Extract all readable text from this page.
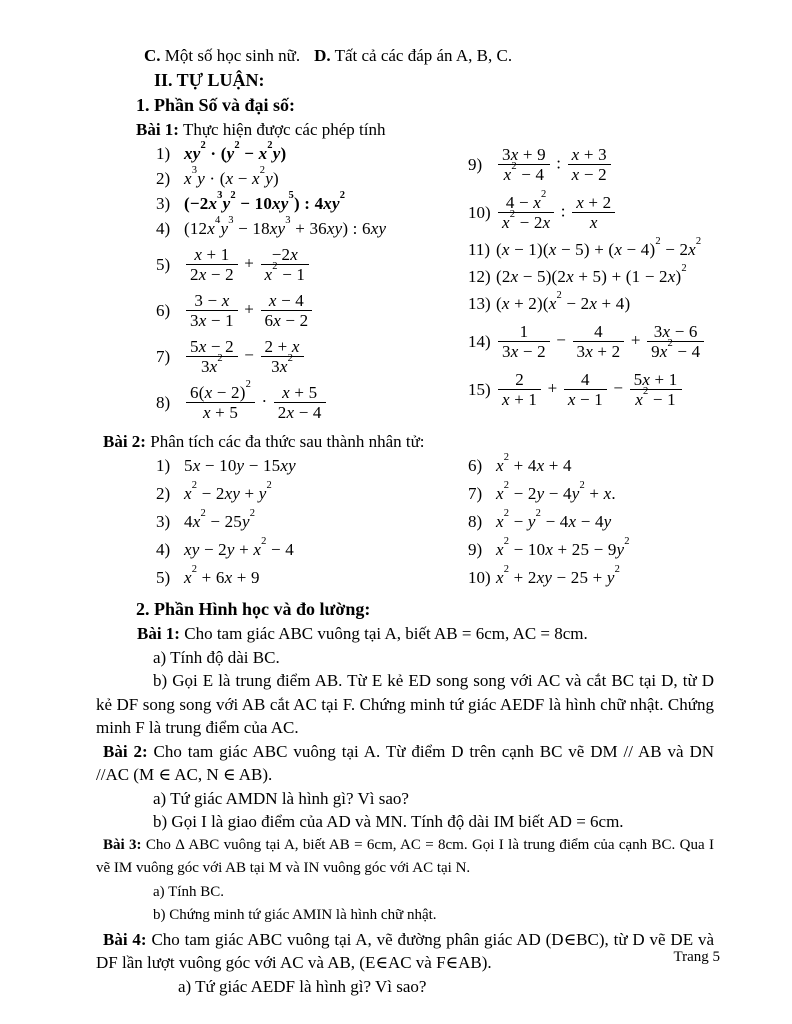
C. Một số học sinh nữ. D. Tất cả các đáp án A, B, C.

II. TỰ LUẬN:

1. Phần Số và đại số:

Bài 1: Thực hiện được các phép tính

1) $xy^2 \cdot (y^2 - x^2y)$
2) $x^3y \cdot (x - x^2y)$
3) $(-2x^3y^2 - 10xy^5)$ : $4xy^2$
4) $(12x^4y^3 - 18xy^3 + 36xy)$ : 6xy
$5) \frac{x + 1}{2x - 2} + \frac{-2x}{x^2 - 1}$
$6) \frac{3 - x}{3x - 1} + \frac{x - 4}{6x - 2}$
$7) \frac{5x - 2}{3x^2} - \frac{2 + x}{3x^2}$
$8) \frac{6(x - 2)^2}{x + 5} \cdot \frac{x + 5}{2x - 4}$
$9) \frac{3x + 9}{x^2 - 4}$ : $\frac{x + 3}{x - 2}$
$10) \frac{4 - x^2}{x^2 - 2x}$ : $\frac{x + 2}{x}$
11) $(x - 1)(x - 5) + (x - 4)^2 - 2x^2$
12) $(2x - 5)(2x + 5) + (1 - 2x)^2$
13) $(x + 2)(x^2 - 2x + 4)$
$14) \frac{1}{3x - 2} - \frac{4}{3x + 2} + \frac{3x - 6}{9x^2 - 4}$
$15) \frac{2}{x + 1} + \frac{4}{x - 1} - \frac{5x + 1}{x^2 - 1}$

Bài 2: Phân tích các đa thức sau thành nhân tử:

1) 5x − 10y − 15xy
2) $x^2 - 2xy + y^2$
3) $4x^2 - 25y^2$
4) xy − $2y + x^2 - 4$
5) $x^2 + 6x + 9$
6) $x^2 + 4x + 4$
7) $x^2 - 2y - 4y^2 + x$.
8) $x^2 - y^2 - 4x - 4y$
9) $x^2 - 10x + 25 - 9y^2$
10) $x^2 + 2xy - 25 + y^2$

2. Phần Hình học và đo lường:

Bài 1: Cho tam giác ABC vuông tại A, biết AB = 6cm, AC = 8cm.

a) Tính độ dài BC.

b) Gọi E là trung điểm AB. Từ E kẻ ED song song với AC và cắt BC tại D, từ D kẻ DF song song với AB cắt AC tại F. Chứng minh tứ giác AEDF là hình chữ nhật. Chứng minh F là trung điểm của AC.

Bài 2: Cho tam giác ABC vuông tại A. Từ điểm D trên cạnh BC vẽ DM // AB và DN //AC (M ∈ AC, N ∈ AB).

a) Tứ giác AMDN là hình gì? Vì sao?

b) Gọi I là giao điểm của AD và MN. Tính độ dài IM biết AD = 6cm.

Bài 3: Cho Δ ABC vuông tại A, biết AB = 6cm, AC = 8cm. Gọi I là trung điểm của cạnh BC. Qua I vẽ IM vuông góc với AB tại M và IN vuông góc với AC tại N.

a) Tính BC.

b) Chứng minh tứ giác AMIN là hình chữ nhật.

Bài 4: Cho tam giác ABC vuông tại A, vẽ đường phân giác AD (D∈BC), từ D vẽ DE và DF lần lượt vuông góc với AC và AB, (E∈AC và F∈AB).

a) Tứ giác AEDF là hình gì? Vì sao?

Trang 5
